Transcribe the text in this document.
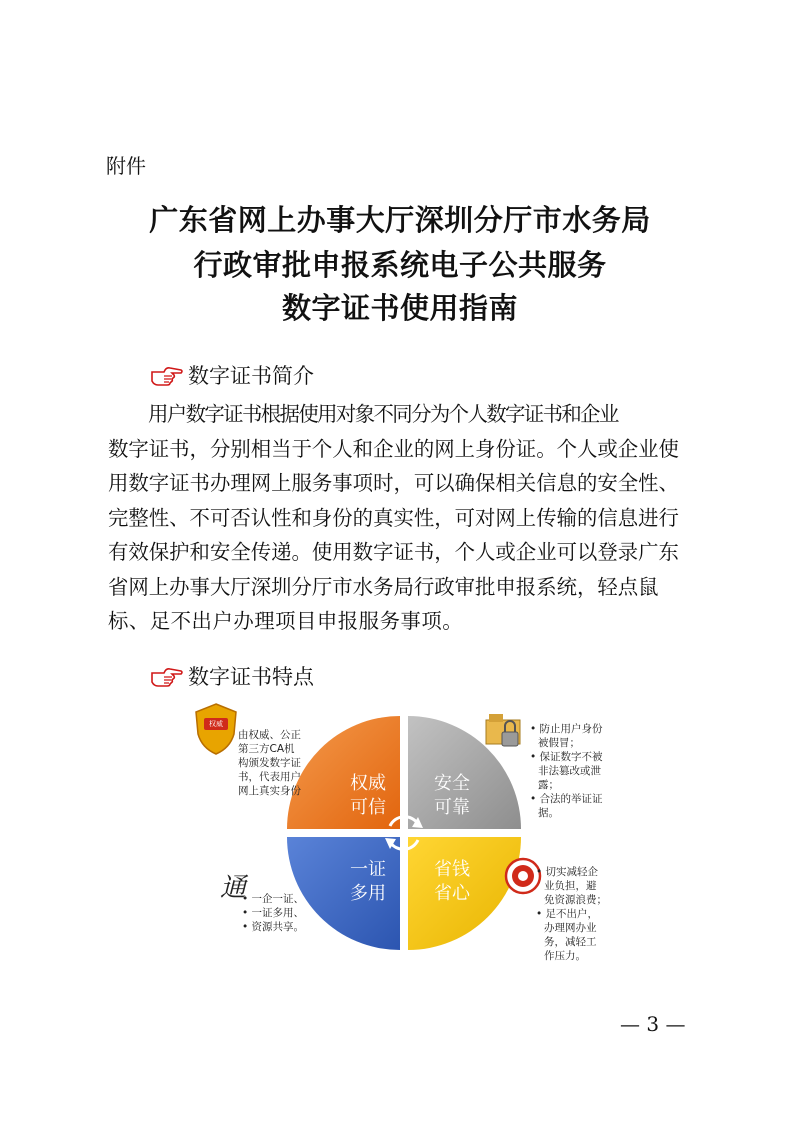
附件
广东省网上办事大厅深圳分厅市水务局
行政审批申报系统电子公共服务
数字证书使用指南
数字证书简介
用户数字证书根据使用对象不同分为个人数字证书和企业
数字证书，分别相当于个人和企业的网上身份证。个人或企业使
用数字证书办理网上服务事项时，可以确保相关信息的安全性、
完整性、不可否认性和身份的真实性，可对网上传输的信息进行
有效保护和安全传递。使用数字证书，个人或企业可以登录广东
省网上办事大厅深圳分厅市水务局行政审批申报系统，轻点鼠
标、足不出户办理项目申报服务事项。
数字证书特点
通
权威
权威
可信
安全
可靠
一证
多用
省钱
省心
由权威、公正
第三方CA机
构颁发数字证
书，代表用户
网上真实身份
• 防止用户身份
被假冒；
• 保证数字不被
非法篡改或泄
露；
• 合法的举证证
据。
• 一企一证、
• 一证多用、
• 资源共享。
• 切实减轻企
业负担，避
免资源浪费；
• 足不出户，
办理网办业
务，减轻工
作压力。
— 3 —
